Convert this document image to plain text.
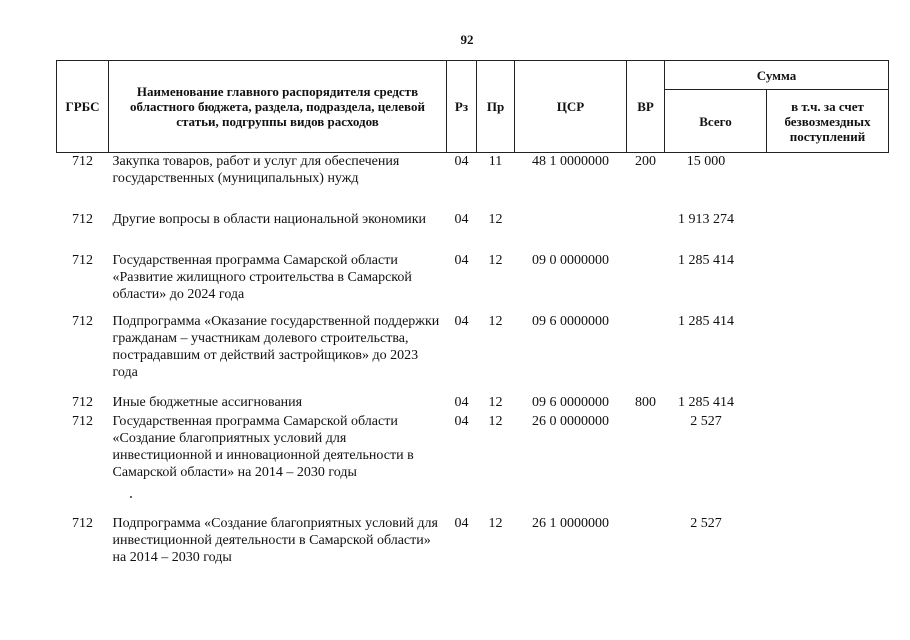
92
ГРБС	Наименование главного распорядителя средств областного бюджета, раздела, подраздела, целевой статьи, подгруппы видов расходов	Рз	Пр	ЦСР	ВР	Сумма	
						Всего	в т.ч. за счет безвозмездных поступлений
712	Закупка товаров, работ и услуг для обеспечения государственных (муниципальных) нужд	04	11	48 1 0000000	200	15 000	
712	Другие вопросы в области национальной экономики	04	12			1 913 274	
712	Государственная программа Самарской области «Развитие жилищного строительства в Самарской области» до 2024 года	04	12	09 0 0000000		1 285 414	
712	Подпрограмма «Оказание государственной поддержки гражданам – участникам долевого строительства, пострадавшим от действий застройщиков» до 2023 года	04	12	09 6 0000000		1 285 414	
712	Иные бюджетные ассигнования	04	12	09 6 0000000	800	1 285 414	
712	Государственная программа Самарской области «Создание благоприятных условий для инвестиционной и инновационной деятельности в Самарской области» на 2014 – 2030 годы	04	12	26 0 0000000		2 527	
712	Подпрограмма «Создание благоприятных условий для инвестиционной деятельности в Самарской области» на 2014 – 2030 годы	04	12	26 1 0000000		2 527	
